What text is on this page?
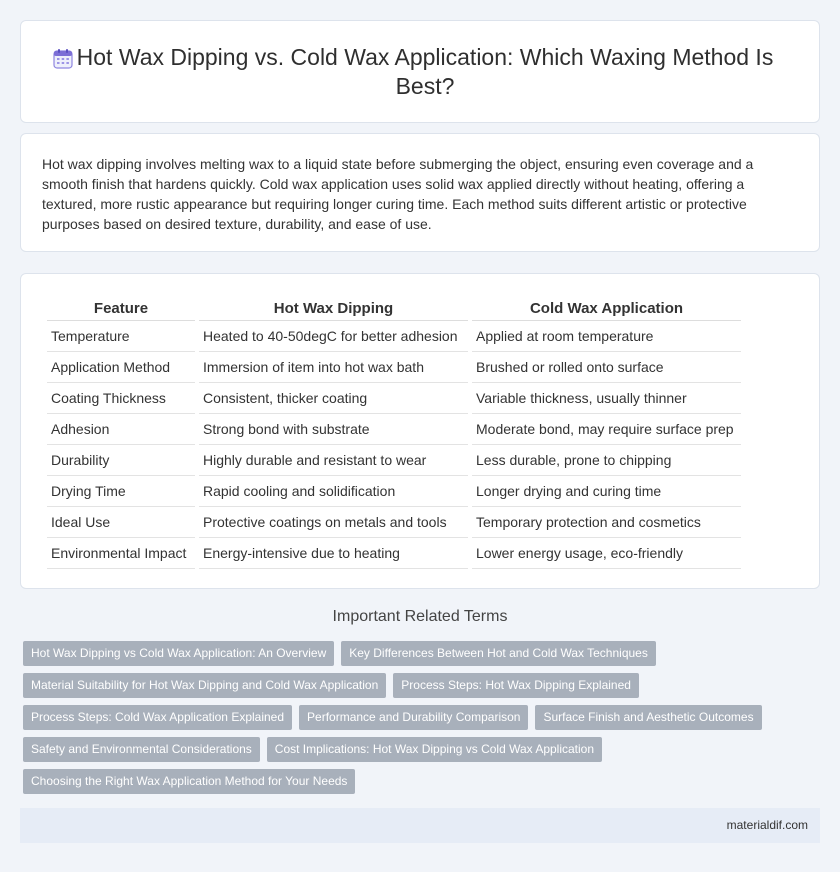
Hot Wax Dipping vs. Cold Wax Application: Which Waxing Method Is Best?

Hot wax dipping involves melting wax to a liquid state before submerging the object, ensuring even coverage and a smooth finish that hardens quickly. Cold wax application uses solid wax applied directly without heating, offering a textured, more rustic appearance but requiring longer curing time. Each method suits different artistic or protective purposes based on desired texture, durability, and ease of use.

Feature	Hot Wax Dipping	Cold Wax Application
Temperature	Heated to 40-50degC for better adhesion	Applied at room temperature
Application Method	Immersion of item into hot wax bath	Brushed or rolled onto surface
Coating Thickness	Consistent, thicker coating	Variable thickness, usually thinner
Adhesion	Strong bond with substrate	Moderate bond, may require surface prep
Durability	Highly durable and resistant to wear	Less durable, prone to chipping
Drying Time	Rapid cooling and solidification	Longer drying and curing time
Ideal Use	Protective coatings on metals and tools	Temporary protection and cosmetics
Environmental Impact	Energy-intensive due to heating	Lower energy usage, eco-friendly
Important Related Terms
Hot Wax Dipping vs Cold Wax Application: An Overview	Key Differences Between Hot and Cold Wax Techniques
Material Suitability for Hot Wax Dipping and Cold Wax Application	Process Steps: Hot Wax Dipping Explained
Process Steps: Cold Wax Application Explained	Performance and Durability Comparison	Surface Finish and Aesthetic Outcomes
Safety and Environmental Considerations	Cost Implications: Hot Wax Dipping vs Cold Wax Application
Choosing the Right Wax Application Method for Your Needs
materialdif.com
